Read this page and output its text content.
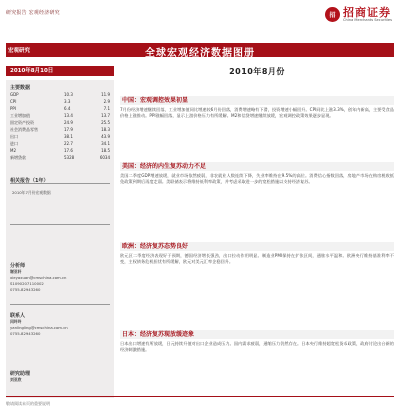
研究报告 宏观经济研究	招 招商证券
China Merchants Securities
宏观研究	全球宏观经济数据图册
2010年8月10日	2010年8月份
主要数据
GDP	10.3	11.9
CPI	3.3	2.9
PPI	6.4	7.1
工业增加值	13.4	13.7
固定资产投资	24.9	25.5
社会消费品零售	17.9	18.3
出口	38.1	43.9
进口	22.7	34.1
M2	17.6	18.5
新增贷款	5328	6034
相关报告（1年）
2010年7月份宏观数据
分析师
谢亚轩
xieyaxuan@cmschina.com.cn
S1090207110002
0755-82943260
联系人
闫玲玲
yanlingling@cmschina.com.cn
0755-82943260
研究助理
刘亚欣
中国：宏观调控效果初显
7月份经济增速继续回落，工业增加值同比增速较6月份回落，消费增速略有下滑，投资增速小幅回升。CPI同比上涨3.3%，创年内新高，主要受食品价格上涨推动。PPI涨幅回落，显示上游价格压力有所缓解。M2和信贷增速继续放缓，宏观调控政策效果逐步显现。
美国：经济的内生复苏动力不足
美国二季度GDP增速放缓，就业市场依然疲弱，非农就业人数连续下降，失业率维持在9.5%的高位。消费信心指数回落，房地产市场在购房税收抵免政策到期后再度走弱。美联储表示将维持低利率政策，并考虑采取进一步的宽松措施以支持经济复苏。
欧洲：经济复苏态势良好
欧元区二季度经济表现好于预期，德国经济增长强劲，出口拉动作用明显。制造业PMI保持在扩张区间，通胀水平温和。欧洲央行维持基准利率不变，主权债务危机担忧有所缓解，欧元对美元汇率企稳回升。
日本：经济复苏现放缓迹象
日本出口增速有所放缓，日元持续升值对出口企业造成压力。国内需求疲弱，通缩压力仍然存在。日本央行维持超宽松货币政策，政府讨论出台新的经济刺激措施。
敬请阅读末页的重要说明
